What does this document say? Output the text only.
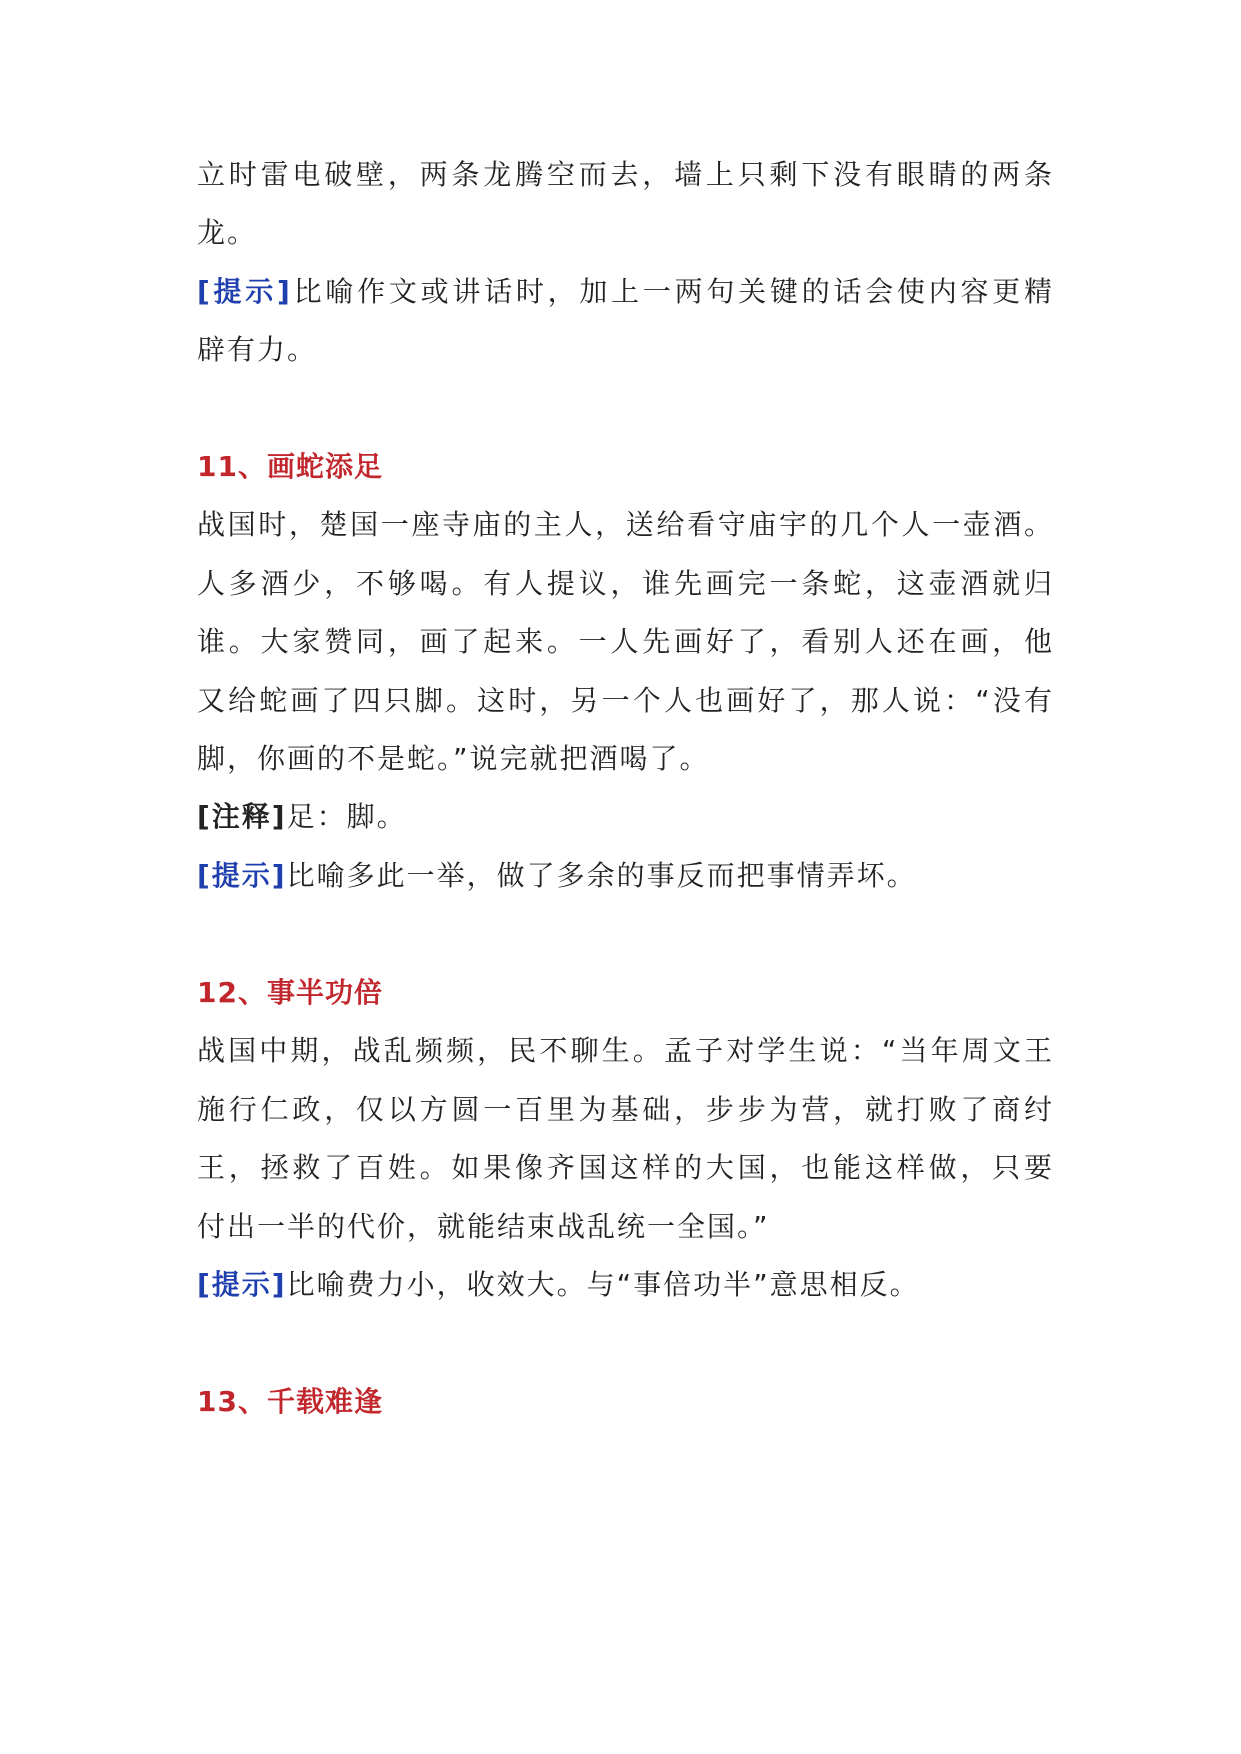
立时雷电破壁，两条龙腾空而去，墙上只剩下没有眼睛的两条
龙。
[提示]比喻作文或讲话时，加上一两句关键的话会使内容更精
辟有力。
11、画蛇添足
战国时，楚国一座寺庙的主人，送给看守庙宇的几个人一壶酒。
人多酒少，不够喝。有人提议，谁先画完一条蛇，这壶酒就归
谁。大家赞同，画了起来。一人先画好了，看别人还在画，他
又给蛇画了四只脚。这时，另一个人也画好了，那人说：“没有
脚，你画的不是蛇。”说完就把酒喝了。
[注释]足：脚。
[提示]比喻多此一举，做了多余的事反而把事情弄坏。
12、事半功倍
战国中期，战乱频频，民不聊生。孟子对学生说：“当年周文王
施行仁政，仅以方圆一百里为基础，步步为营，就打败了商纣
王，拯救了百姓。如果像齐国这样的大国，也能这样做，只要
付出一半的代价，就能结束战乱统一全国。”
[提示]比喻费力小，收效大。与“事倍功半”意思相反。
13、千载难逢
